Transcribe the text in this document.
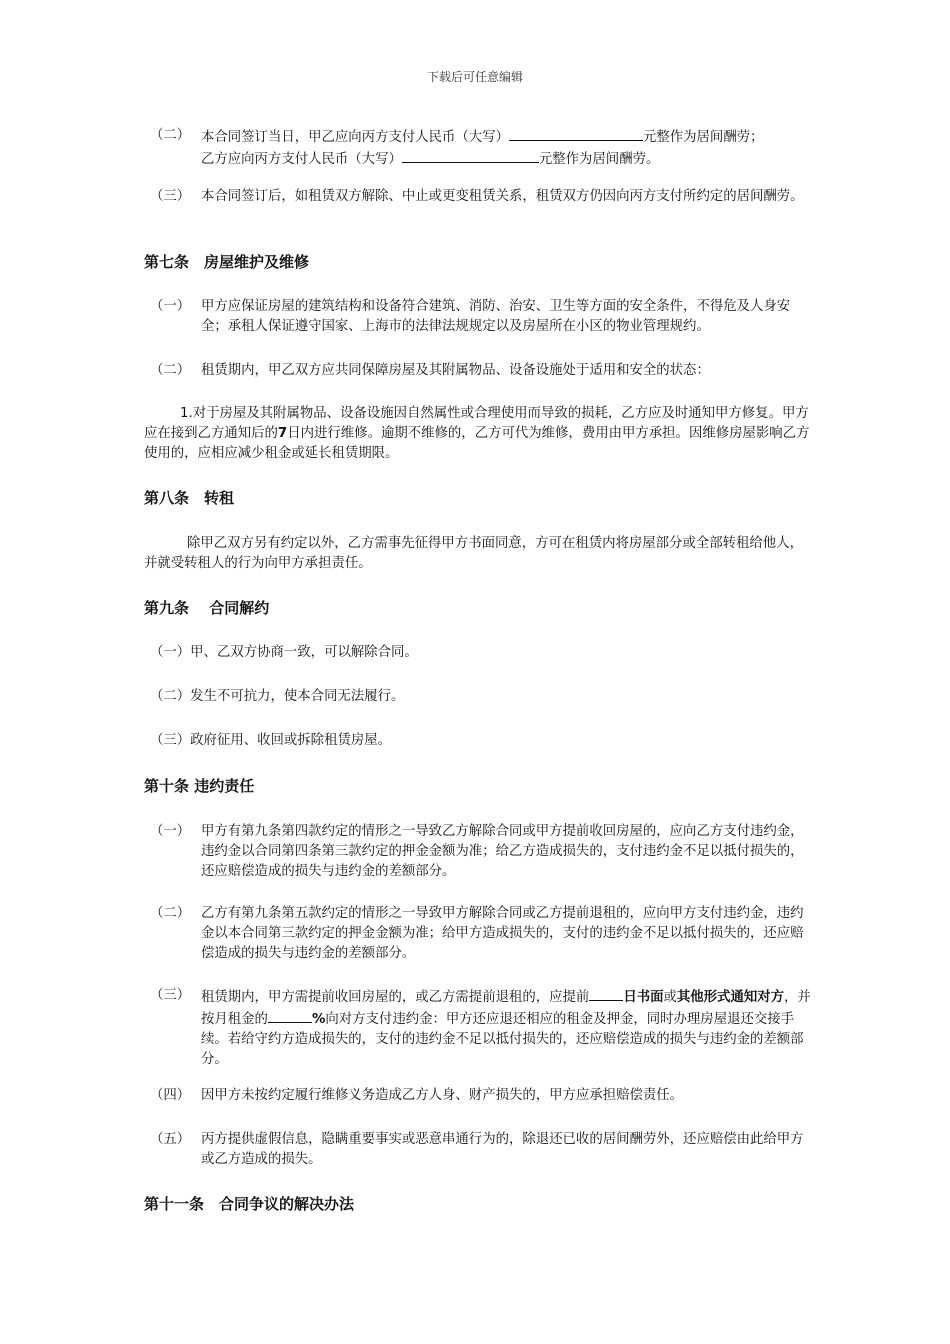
下载后可任意编辑
（二） 本合同签订当日，甲乙应向丙方支付人民币（大写）	元整作为居间酬劳；
乙方应向丙方支付人民币（大写）	元整作为居间酬劳。
（三） 本合同签订后，如租赁双方解除、中止或更变租赁关系，租赁双方仍因向丙方支付所约定的居间酬劳。

第七条　房屋维护及维修
（一） 甲方应保证房屋的建筑结构和设备符合建筑、消防、治安、卫生等方面的安全条件，不得危及人身安全；承租人保证遵守国家、上海市的法律法规规定以及房屋所在小区的物业管理规约。

（二） 租赁期内，甲乙双方应共同保障房屋及其附属物品、设备设施处于适用和安全的状态：

1.对于房屋及其附属物品、设备设施因自然属性或合理使用而导致的损耗，乙方应及时通知甲方修复。甲方应在接到乙方通知后的7日内进行维修。逾期不维修的，乙方可代为维修，费用由甲方承担。因维修房屋影响乙方使用的，应相应减少租金或延长租赁期限。

第八条　转租

除甲乙双方另有约定以外，乙方需事先征得甲方书面同意，方可在租赁内将房屋部分或全部转租给他人，并就受转租人的行为向甲方承担责任。

第九条　 合同解约

（一）甲、乙双方协商一致，可以解除合同。

（二）发生不可抗力，使本合同无法履行。

（三）政府征用、收回或拆除租赁房屋。

第十条 违约责任
（一） 甲方有第九条第四款约定的情形之一导致乙方解除合同或甲方提前收回房屋的，应向乙方支付违约金，违约金以合同第四条第三款约定的押金金额为准；给乙方造成损失的，支付违约金不足以抵付损失的，还应赔偿造成的损失与违约金的差额部分。

（二） 乙方有第九条第五款约定的情形之一导致甲方解除合同或乙方提前退租的，应向甲方支付违约金，违约金以本合同第三款约定的押金金额为准；给甲方造成损失的，支付的违约金不足以抵付损失的，还应赔偿造成的损失与违约金的差额部分。

（三） 租赁期内，甲方需提前收回房屋的，或乙方需提前退租的，应提前	日书面或其他形式通知对方，并按月租金的	%向对方支付违约金：甲方还应退还相应的租金及押金，同时办理房屋退还交接手续。若给守约方造成损失的，支付的违约金不足以抵付损失的，还应赔偿造成的损失与违约金的差额部分。

（四） 因甲方未按约定履行维修义务造成乙方人身、财产损失的，甲方应承担赔偿责任。

（五） 丙方提供虚假信息，隐瞒重要事实或恶意串通行为的，除退还已收的居间酬劳外，还应赔偿由此给甲方或乙方造成的损失。

第十一条　合同争议的解决办法
